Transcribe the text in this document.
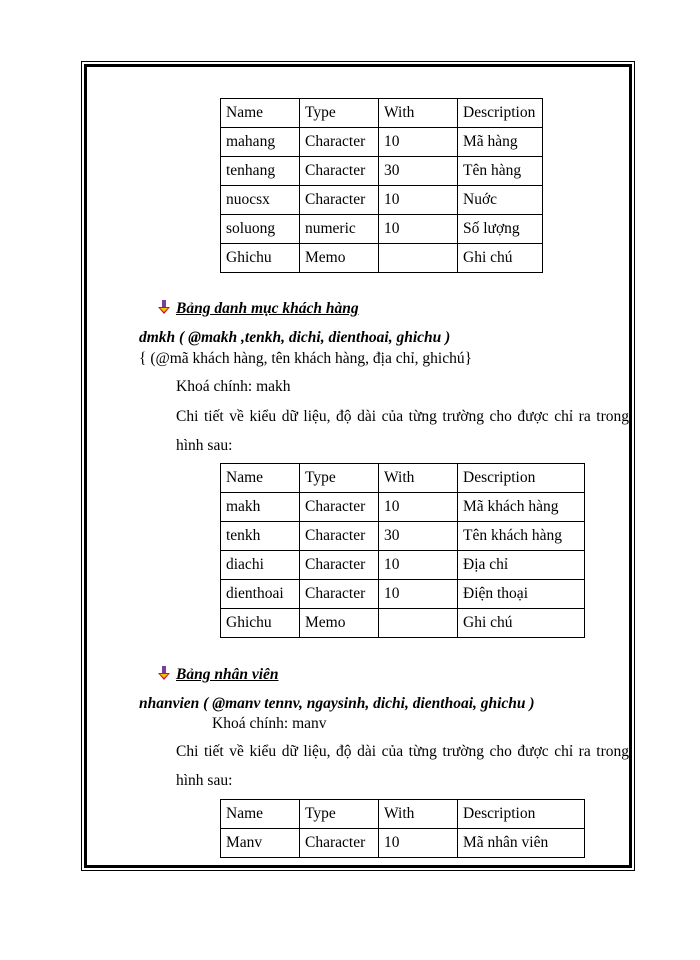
Name	Type	With	Description
mahang	Character	10	Mã hàng
tenhang	Character	30	Tên hàng
nuocsx	Character	10	Nuớc
soluong	numeric	10	Số lượng
Ghichu	Memo		Ghi chú
Bảng danh mục khách hàng
dmkh ( @makh ,tenkh, dichi, dienthoai, ghichu )
{ (@mã khách hàng, tên khách hàng, địa chỉ, ghichú}
Khoá chính: makh
Chi tiết về kiểu dữ liệu, độ dài của từng trường cho được chỉ ra trong
hình sau:
Name	Type	With	Description
makh	Character	10	Mã khách hàng
tenkh	Character	30	Tên khách hàng
diachi	Character	10	Địa chỉ
dienthoai	Character	10	Điện thoại
Ghichu	Memo		Ghi chú
Bảng nhân viên
nhanvien ( @manv tennv, ngaysinh, dichi, dienthoai, ghichu )
Khoá chính: manv
Chi tiết về kiểu dữ liệu, độ dài của từng trường cho được chỉ ra trong
hình sau:
Name	Type	With	Description
Manv	Character	10	Mã nhân viên
